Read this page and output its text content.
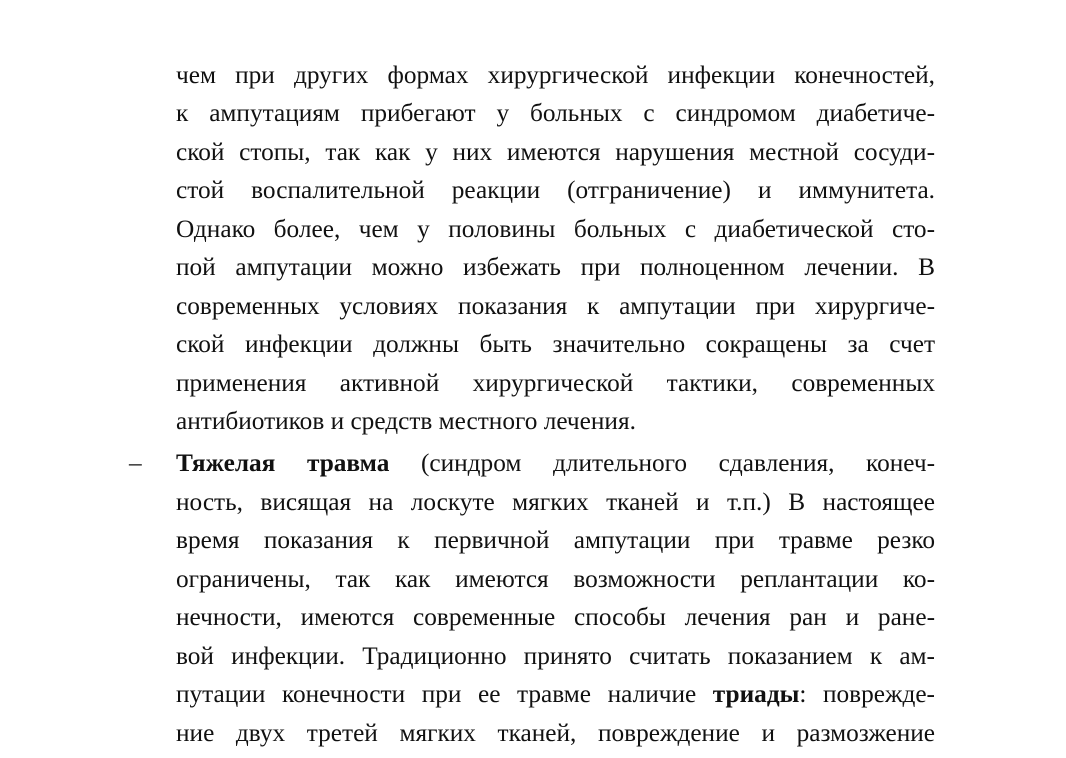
чем при других формах хирургической инфекции конечностей,
к ампутациям прибегают у больных с синдромом диабетиче-
ской стопы, так как у них имеются нарушения местной сосуди-
стой воспалительной реакции (отграничение) и иммунитета.
Однако более, чем у половины больных с диабетической сто-
пой ампутации можно избежать при полноценном лечении. В
современных условиях показания к ампутации при хирургиче-
ской инфекции должны быть значительно сокращены за счет
применения активной хирургической тактики, современных
антибиотиков и средств местного лечения.
– Тяжелая травма (синдром длительного сдавления, конеч-
ность, висящая на лоскуте мягких тканей и т.п.) В настоящее
время показания к первичной ампутации при травме резко
ограничены, так как имеются возможности реплантации ко-
нечности, имеются современные способы лечения ран и ране-
вой инфекции. Традиционно принято считать показанием к ам-
путации конечности при ее травме наличие триады: поврежде-
ние двух третей мягких тканей, повреждение и размозжение
